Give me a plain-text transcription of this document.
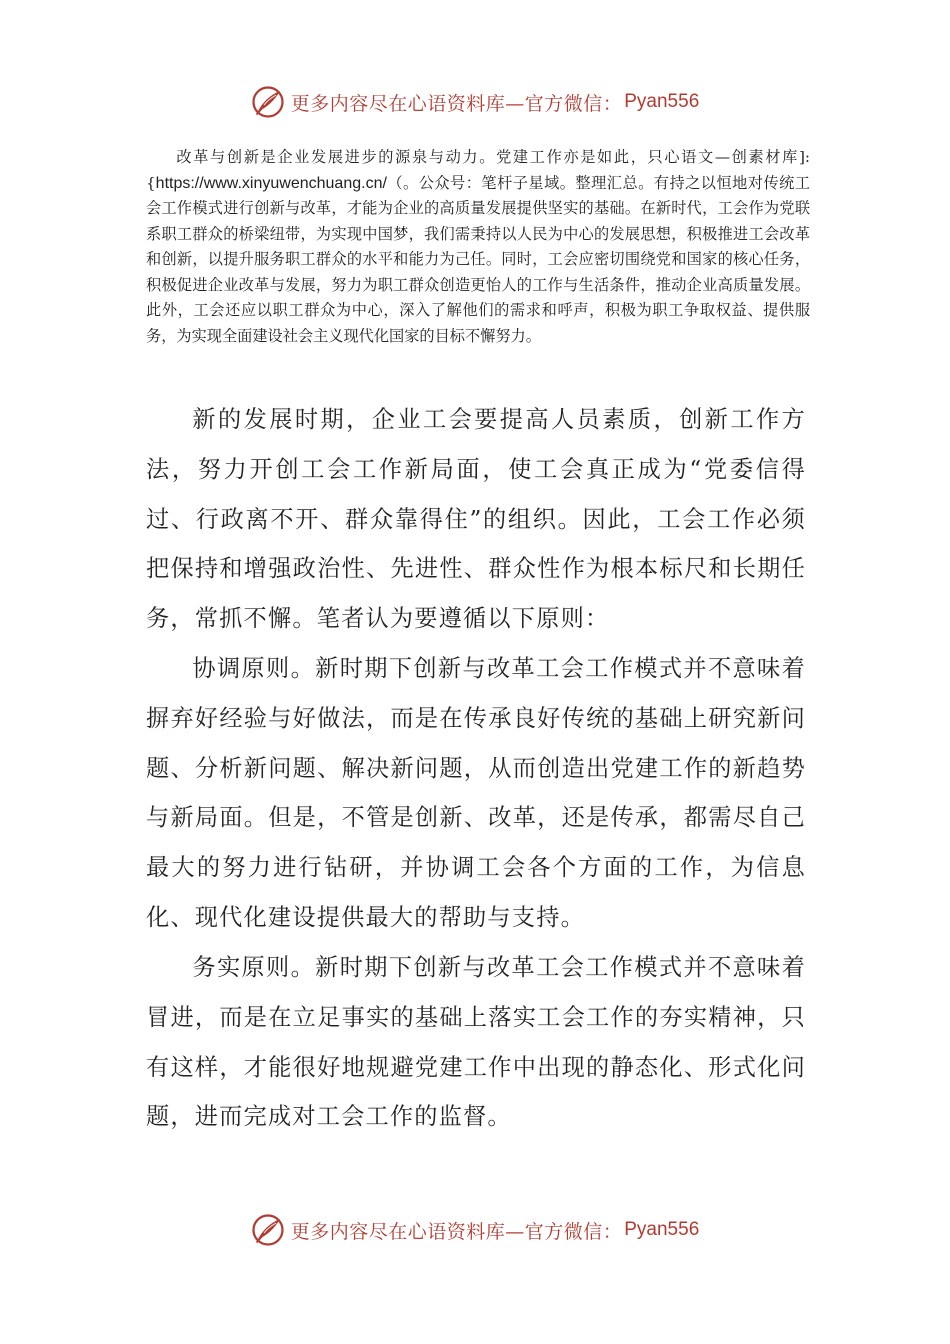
更多内容尽在心语资料库—官方微信： Pyan556

改革与创新是企业发展进步的源泉与动力。党建工作亦是如此，只心语文—创素材库]:{https://www.xinyuwenchuang.cn/（。公众号：笔杆子星域。整理汇总。有持之以恒地对传统工会工作模式进行创新与改革，才能为企业的高质量发展提供坚实的基础。在新时代，工会作为党联系职工群众的桥梁纽带，为实现中国梦，我们需秉持以人民为中心的发展思想，积极推进工会改革和创新，以提升服务职工群众的水平和能力为己任。同时，工会应密切围绕党和国家的核心任务，积极促进企业改革与发展，努力为职工群众创造更怡人的工作与生活条件，推动企业高质量发展。此外，工会还应以职工群众为中心，深入了解他们的需求和呼声，积极为职工争取权益、提供服务，为实现全面建设社会主义现代化国家的目标不懈努力。

新的发展时期，企业工会要提高人员素质，创新工作方法，努力开创工会工作新局面，使工会真正成为“党委信得过、行政离不开、群众靠得住”的组织。因此，工会工作必须把保持和增强政治性、先进性、群众性作为根本标尺和长期任务，常抓不懈。笔者认为要遵循以下原则：

协调原则。新时期下创新与改革工会工作模式并不意味着摒弃好经验与好做法，而是在传承良好传统的基础上研究新问题、分析新问题、解决新问题，从而创造出党建工作的新趋势与新局面。但是，不管是创新、改革，还是传承，都需尽自己最大的努力进行钻研，并协调工会各个方面的工作，为信息化、现代化建设提供最大的帮助与支持。

务实原则。新时期下创新与改革工会工作模式并不意味着冒进，而是在立足事实的基础上落实工会工作的夯实精神，只有这样，才能很好地规避党建工作中出现的静态化、形式化问题，进而完成对工会工作的监督。

更多内容尽在心语资料库—官方微信： Pyan556
